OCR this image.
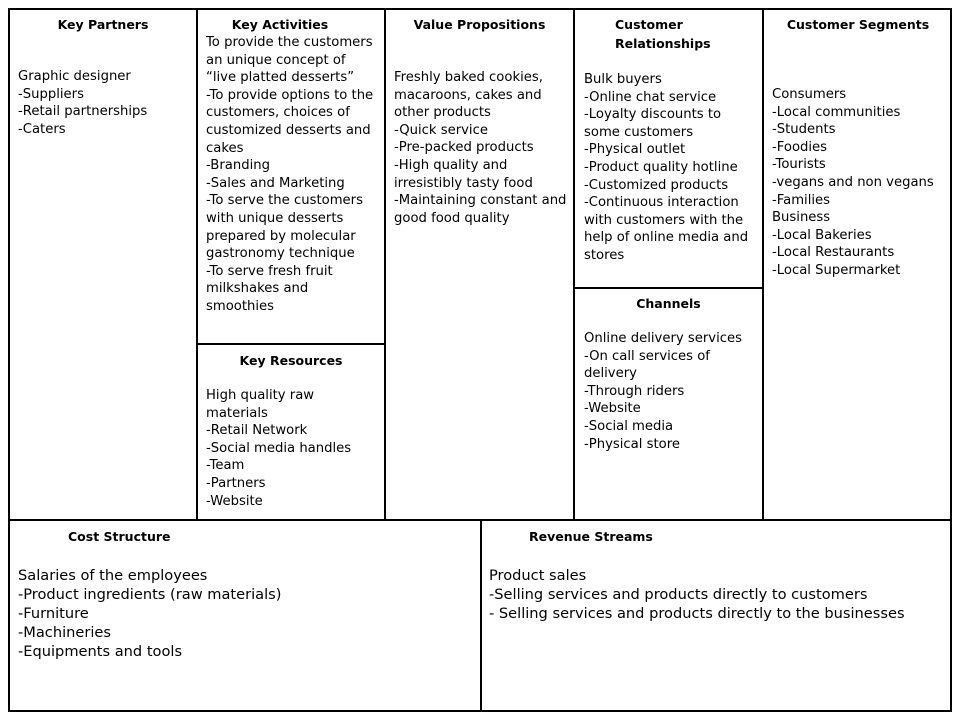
Key Partners
Graphic designer
-Suppliers
-Retail partnerships
-Caters
Key Activities
To provide the customers an unique concept of “live platted desserts”
-To provide options to the customers, choices of customized desserts and cakes
-Branding
-Sales and Marketing
-To serve the customers with unique desserts prepared by molecular gastronomy technique
-To serve fresh fruit milkshakes and smoothies
Key Resources
High quality raw materials
-Retail Network
-Social media handles
-Team
-Partners
-Website
Value Propositions
Freshly baked cookies, macaroons, cakes and other products
-Quick service
-Pre-packed products
-High quality and irresistibly tasty food
-Maintaining constant and good food quality
Customer Relationships
Bulk buyers
-Online chat service
-Loyalty discounts to some customers
-Physical outlet
-Product quality hotline
-Customized products
-Continuous interaction with customers with the help of online media and stores
Channels
Online delivery services
-On call services of delivery
-Through riders
-Website
-Social media
-Physical store
Customer Segments
Consumers
-Local communities
-Students
-Foodies
-Tourists
-vegans and non vegans
-Families
Business
-Local Bakeries
-Local Restaurants
-Local Supermarket
Cost Structure
Salaries of the employees
-Product ingredients (raw materials)
-Furniture
-Machineries
-Equipments and tools
Revenue Streams
Product sales
-Selling services and products directly to customers
- Selling services and products directly to the businesses
